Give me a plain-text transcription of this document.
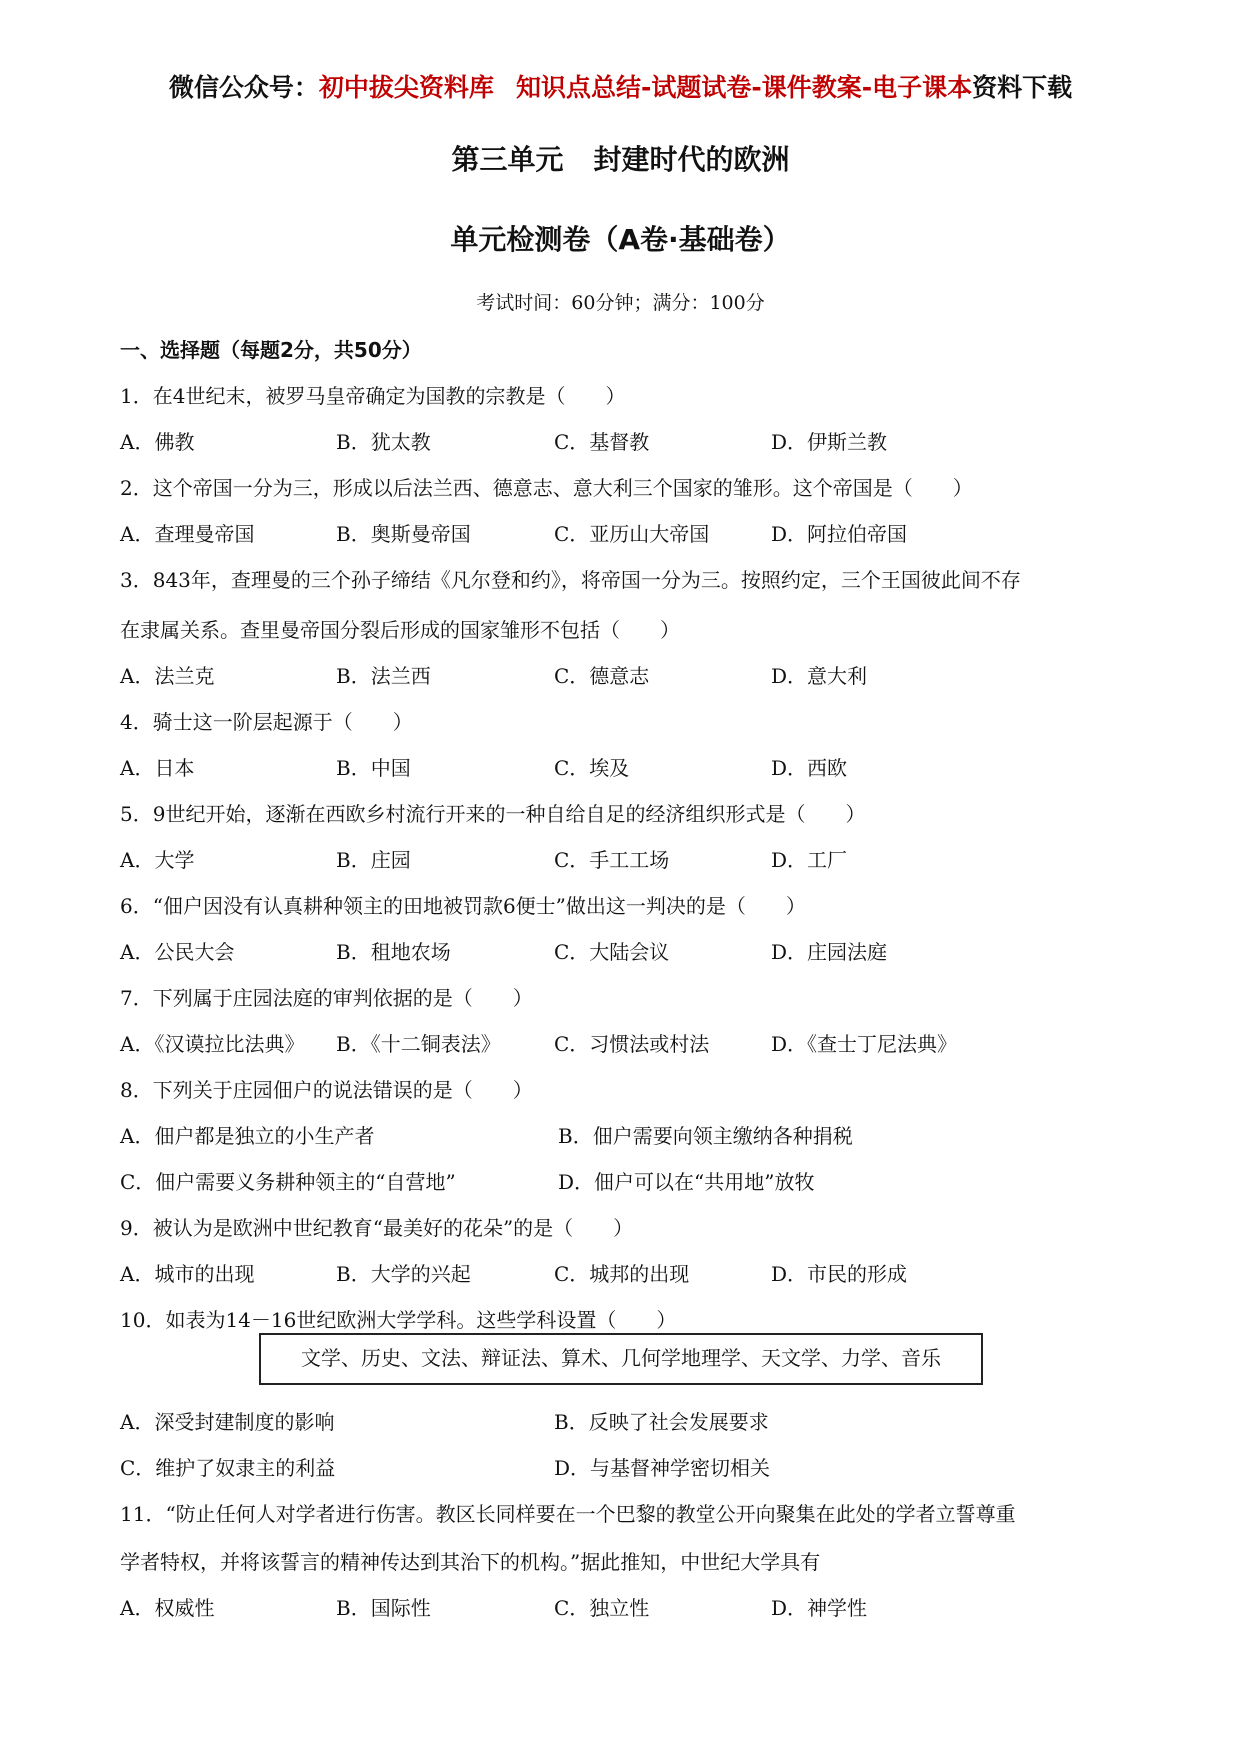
微信公众号：初中拔尖资料库 知识点总结-试题试卷-课件教案-电子课本资料下载
第三单元 封建时代的欧洲
单元检测卷（A卷·基础卷）
考试时间：60分钟；满分：100分
一、选择题（每题2分，共50分）
1．在4世纪末，被罗马皇帝确定为国教的宗教是（　　）
A．佛教	B．犹太教	C．基督教	D．伊斯兰教
2．这个帝国一分为三，形成以后法兰西、德意志、意大利三个国家的雏形。这个帝国是（　　）
A．查理曼帝国	B．奥斯曼帝国	C．亚历山大帝国	D．阿拉伯帝国
3．843年，查理曼的三个孙子缔结《凡尔登和约》，将帝国一分为三。按照约定，三个王国彼此间不存
在隶属关系。查里曼帝国分裂后形成的国家雏形不包括（　　）
A．法兰克	B．法兰西	C．德意志	D．意大利
4．骑士这一阶层起源于（　　）
A．日本	B．中国	C．埃及	D．西欧
5．9世纪开始，逐渐在西欧乡村流行开来的一种自给自足的经济组织形式是（　　）
A．大学	B．庄园	C．手工工场	D．工厂
6．“佃户因没有认真耕种领主的田地被罚款6便士”做出这一判决的是（　　）
A．公民大会	B．租地农场	C．大陆会议	D．庄园法庭
7．下列属于庄园法庭的审判依据的是（　　）
A．《汉谟拉比法典》 B．《十二铜表法》	C．习惯法或村法	D．《查士丁尼法典》
8．下列关于庄园佃户的说法错误的是（　　）
A．佃户都是独立的小生产者	B．佃户需要向领主缴纳各种捐税
C．佃户需要义务耕种领主的“自营地”	D．佃户可以在“共用地”放牧
9．被认为是欧洲中世纪教育“最美好的花朵”的是（　　）
A．城市的出现	B．大学的兴起	C．城邦的出现	D．市民的形成
10．如表为14－16世纪欧洲大学学科。这些学科设置（　　）
文学、历史、文法、辩证法、算术、几何学地理学、天文学、力学、音乐
A．深受封建制度的影响	B．反映了社会发展要求
C．维护了奴隶主的利益	D．与基督神学密切相关
11．“防止任何人对学者进行伤害。教区长同样要在一个巴黎的教堂公开向聚集在此处的学者立誓尊重
学者特权，并将该誓言的精神传达到其治下的机构。”据此推知，中世纪大学具有
A．权威性	B．国际性	C．独立性	D．神学性
